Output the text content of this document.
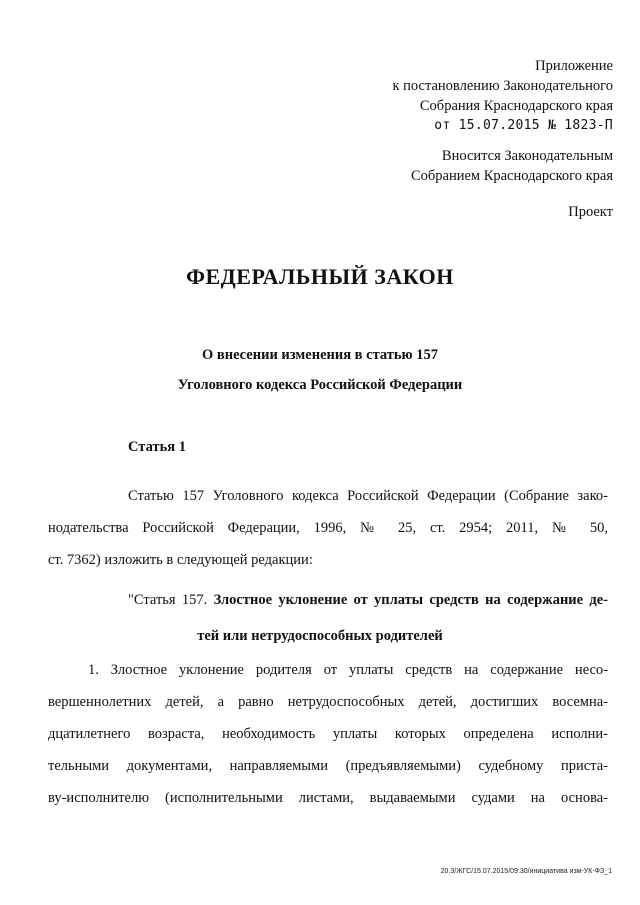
Приложение
к постановлению Законодательного
Собрания Краснодарского края
от 15.07.2015 № 1823-П
Вносится Законодательным
Собранием Краснодарского края
Проект
ФЕДЕРАЛЬНЫЙ ЗАКОН
О внесении изменения в статью 157
Уголовного кодекса Российской Федерации
Статья 1
Статью 157 Уголовного кодекса Российской Федерации (Собрание зако-
нодательства Российской Федерации, 1996, № 25, ст. 2954; 2011, № 50,
ст. 7362) изложить в следующей редакции:
"Статья 157. Злостное уклонение от уплаты средств на содержание де-
тей или нетрудоспособных родителей
1. Злостное уклонение родителя от уплаты средств на содержание несо-
вершеннолетних детей, а равно нетрудоспособных детей, достигших восемна-
дцатилетнего возраста, необходимость уплаты которых определена исполни-
тельными документами, направляемыми (предъявляемыми) судебному приста-
ву-исполнителю (исполнительными листами, выдаваемыми судами на основа-
20.3/ЖГС/15.07.2015/09:30/инициатива изм-УК-ФЗ_1
